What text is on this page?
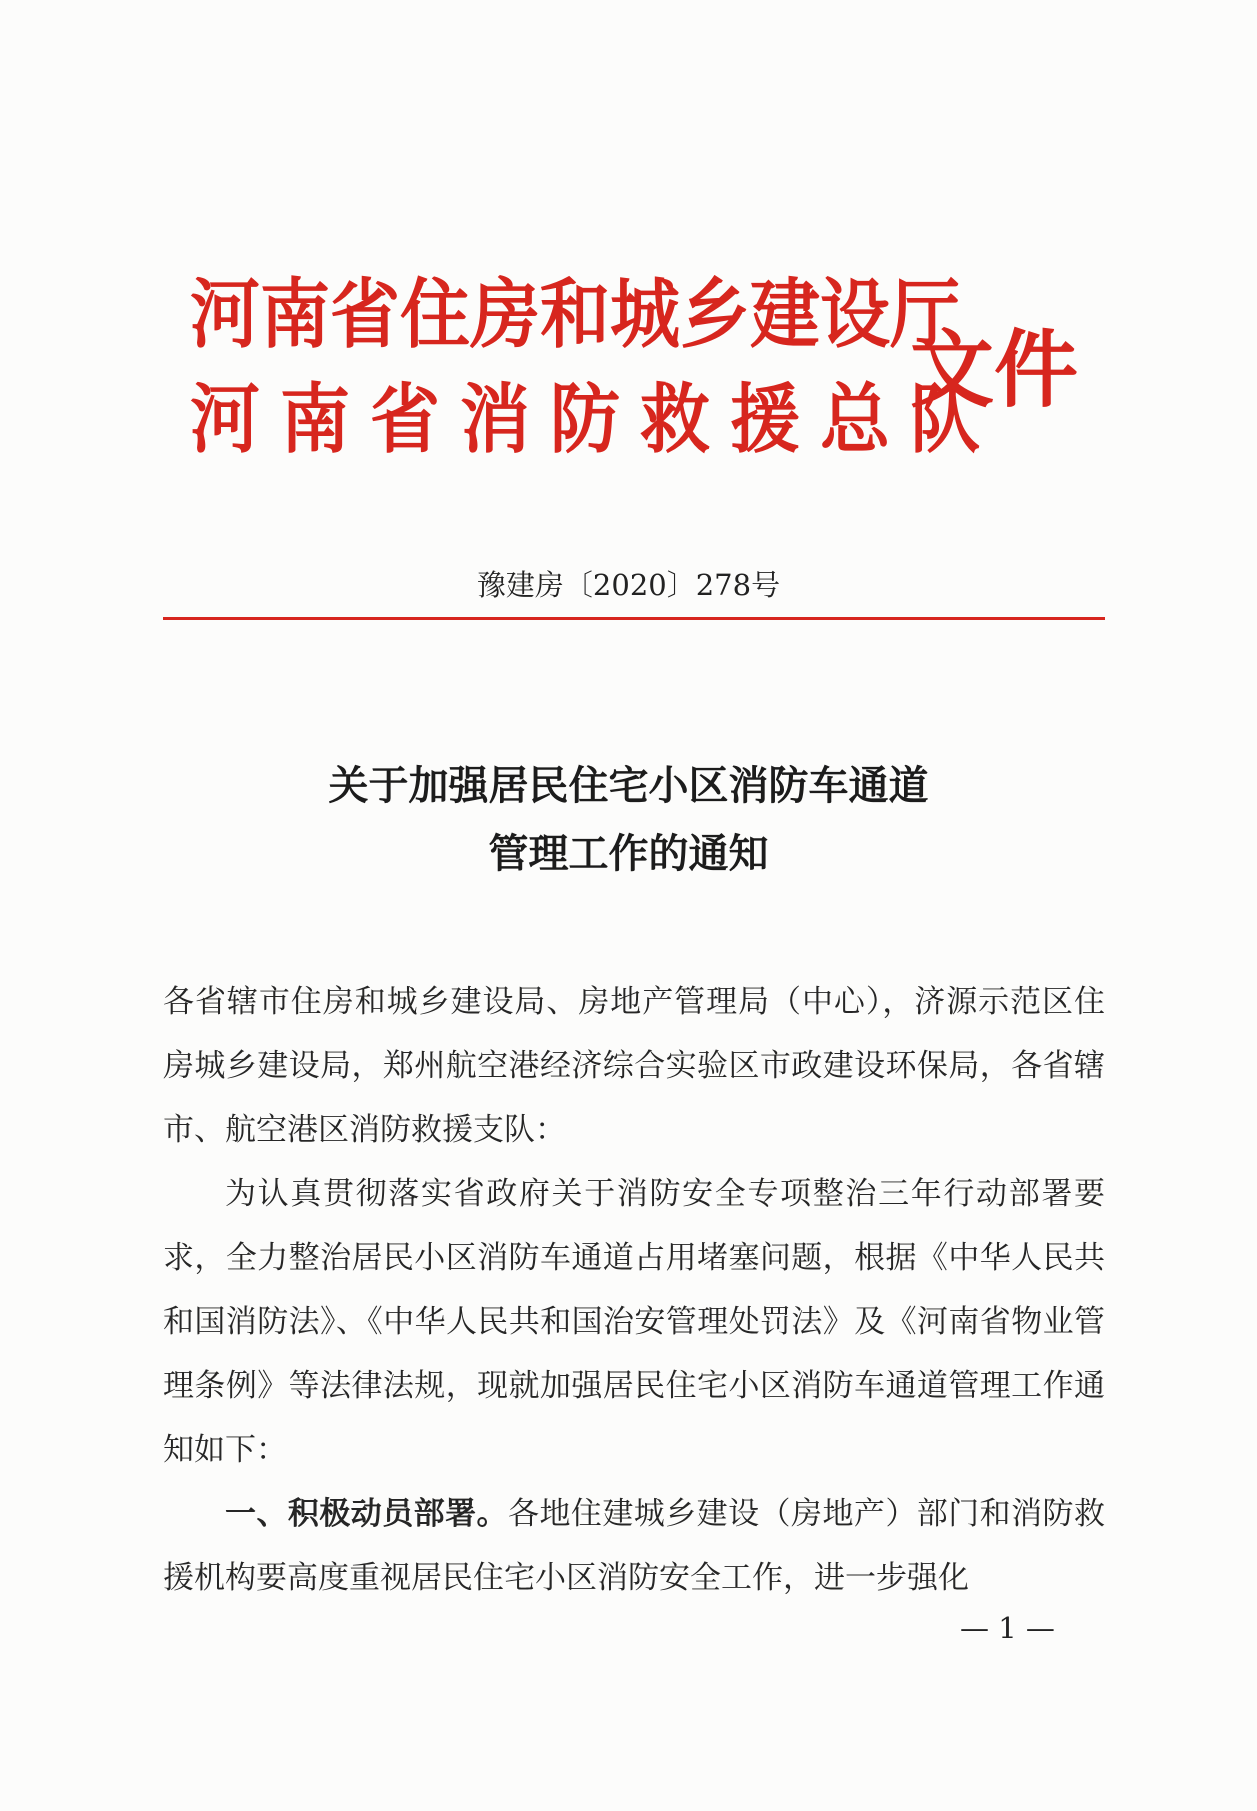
河南省住房和城乡建设厅
河南省消防救援总队
文件
豫建房〔2020〕278号
关于加强居民住宅小区消防车通道
管理工作的通知

各省辖市住房和城乡建设局、房地产管理局（中心），济源示范区住房城乡建设局，郑州航空港经济综合实验区市政建设环保局，各省辖市、航空港区消防救援支队：

为认真贯彻落实省政府关于消防安全专项整治三年行动部署要求，全力整治居民小区消防车通道占用堵塞问题，根据《中华人民共和国消防法》、《中华人民共和国治安管理处罚法》及《河南省物业管理条例》等法律法规，现就加强居民住宅小区消防车通道管理工作通知如下：

一、积极动员部署。各地住建城乡建设（房地产）部门和消防救援机构要高度重视居民住宅小区消防安全工作，进一步强化

— 1 —
